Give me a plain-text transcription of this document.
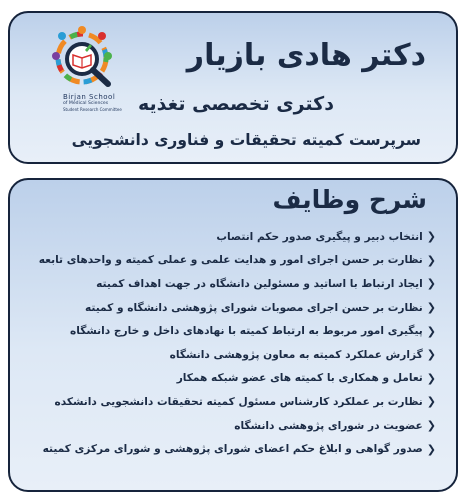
Birjan School
of Medical Sciences
Student Research Committee
دکتر هادی بازیار
دکتری تخصصی تغذیه
سرپرست کمیته تحقیقات و فناوری دانشجویی
شرح وظایف
❮
انتخاب دبیر و پیگیری صدور حکم انتصاب
❮
نظارت بر حسن اجرای امور و هدایت علمی و عملی کمیته و واحدهای تابعه
❮
ایجاد ارتباط با اساتید و مسئولین دانشگاه در جهت اهداف کمیته
❮
نظارت بر حسن اجرای مصوبات شورای پژوهشی دانشگاه و کمیته
❮
پیگیری امور مربوط به ارتباط کمیته با نهادهای داخل و خارج دانشگاه
❮
گزارش عملکرد کمیته به معاون پژوهشی دانشگاه
❮
تعامل و همکاری با کمیته های عضو شبکه همکار
❮
نظارت بر عملکرد کارشناس مسئول کمیته تحقیقات دانشجویی دانشکده
❮
عضویت در شورای پژوهشی دانشگاه
❮
صدور گواهی و ابلاغ حکم اعضای شورای پژوهشی و شورای مرکزی کمیته
